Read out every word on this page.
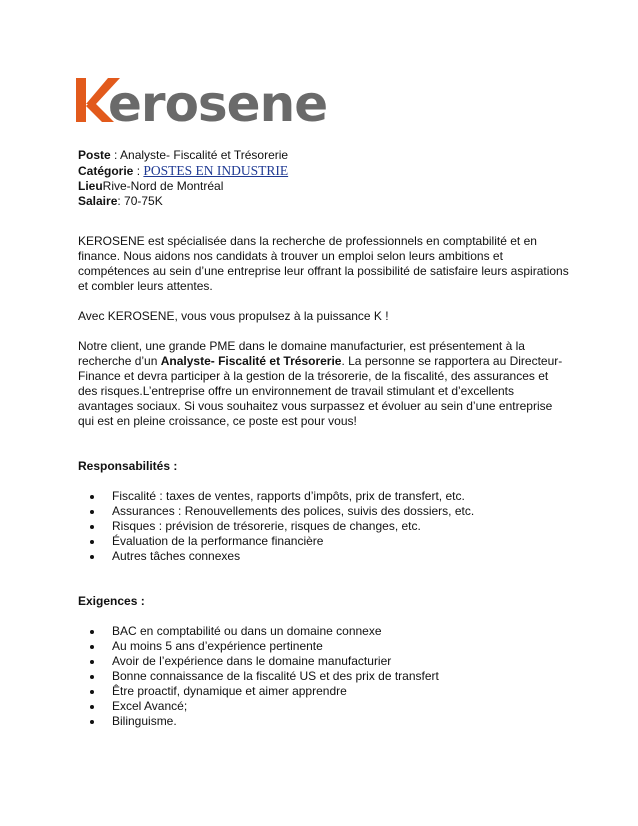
erosene
Poste : Analyste- Fiscalité et Trésorerie
Catégorie : POSTES EN INDUSTRIE
LieuRive-Nord de Montréal
Salaire: 70-75K

KEROSENE est spécialisée dans la recherche de professionnels en comptabilité et en finance. Nous aidons nos candidats à trouver un emploi selon leurs ambitions et compétences au sein d’une entreprise leur offrant la possibilité de satisfaire leurs aspirations et combler leurs attentes.

Avec KEROSENE, vous vous propulsez à la puissance K !

Notre client, une grande PME dans le domaine manufacturier, est présentement à la recherche d’un Analyste- Fiscalité et Trésorerie. La personne se rapportera au Directeur-Finance et devra participer à la gestion de la trésorerie, de la fiscalité, des assurances et des risques.L’entreprise offre un environnement de travail stimulant et d’excellents avantages sociaux. Si vous souhaitez vous surpassez et évoluer au sein d’une entreprise qui est en pleine croissance, ce poste est pour vous!

Responsabilités :

Fiscalité : taxes de ventes, rapports d’impôts, prix de transfert, etc.
Assurances : Renouvellements des polices, suivis des dossiers, etc.
Risques : prévision de trésorerie, risques de changes, etc.
Évaluation de la performance financière
Autres tâches connexes

Exigences :

BAC en comptabilité ou dans un domaine connexe
Au moins 5 ans d’expérience pertinente
Avoir de l’expérience dans le domaine manufacturier
Bonne connaissance de la fiscalité US et des prix de transfert
Être proactif, dynamique et aimer apprendre
Excel Avancé;
Bilinguisme.
